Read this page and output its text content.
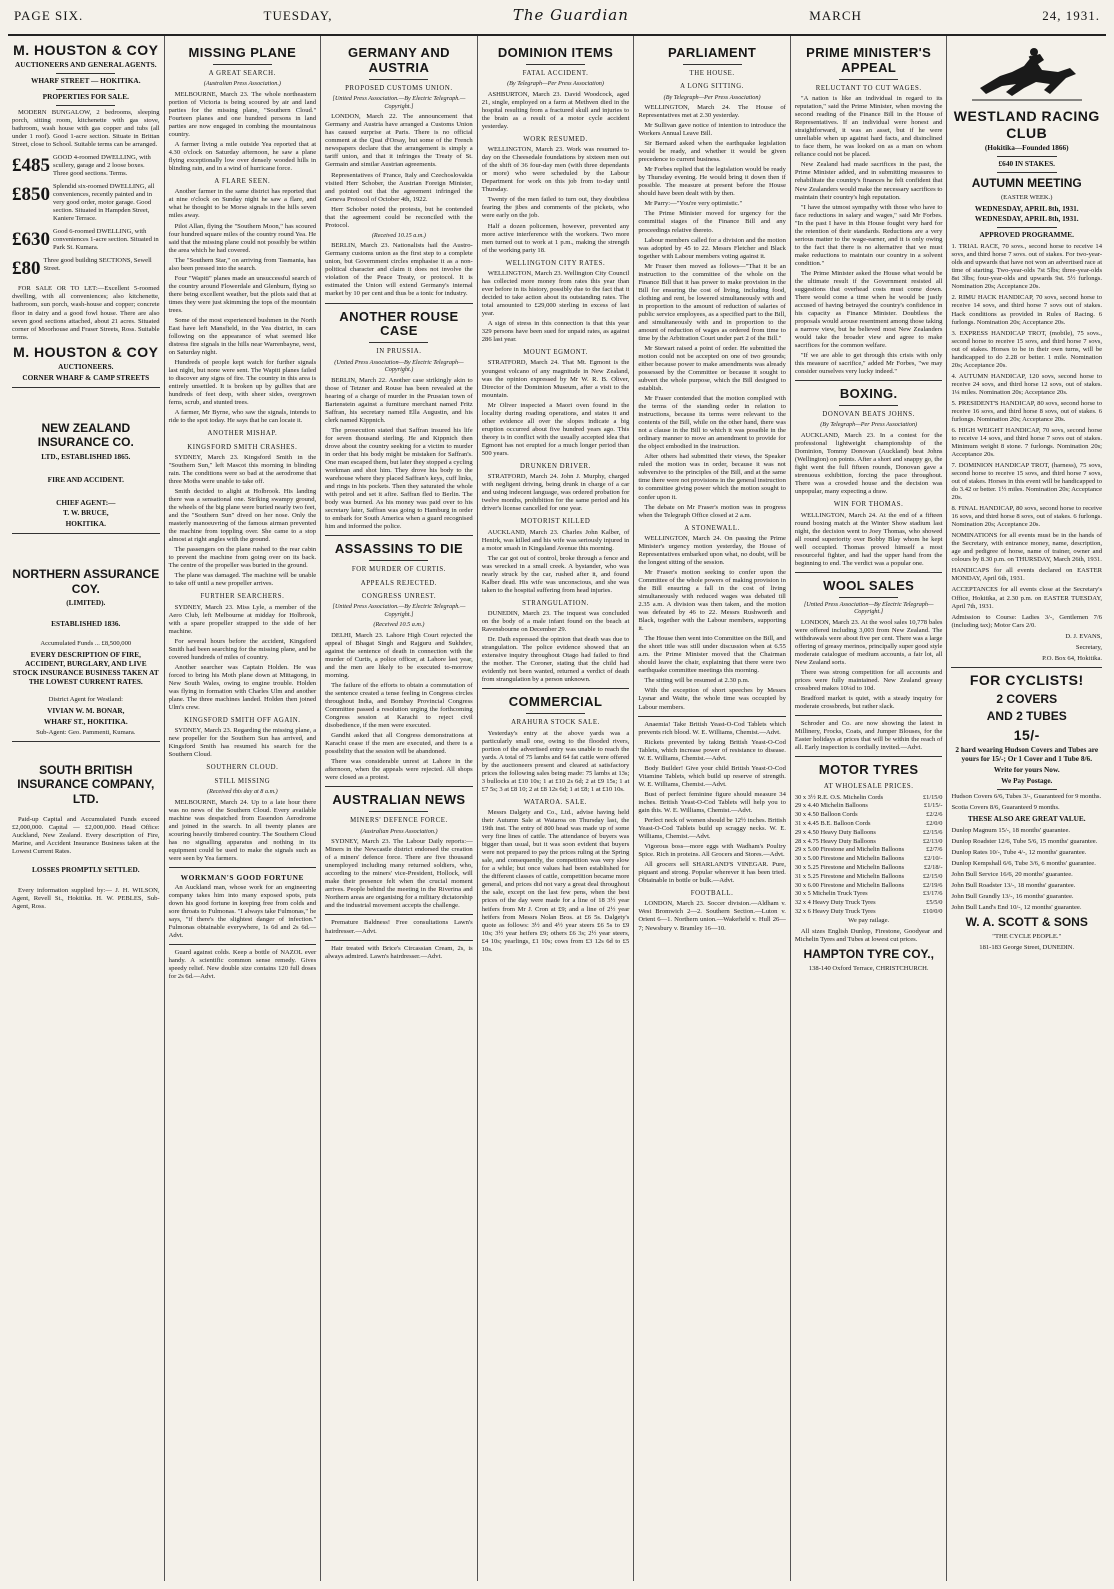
PAGE SIX.	TUESDAY,	The Guardian	MARCH	24, 1931.
M. HOUSTON & COY
AUCTIONEERS AND GENERAL AGENTS.
WHARF STREET — HOKITIKA.
PROPERTIES FOR SALE.

MODERN BUNGALOW, 2 bedrooms, sleeping porch, sitting room, kitchenette with gas stove, bathroom, wash house with gas copper and tubs (all under 1 roof). Good 1-acre section. Situate in Brittan Street, close to School. Suitable terms can be arranged.

£485 GOOD 4-roomed DWELLING, with scullery, garage and 2 loose boxes. Three good sections. Terms.
£850 Splendid six-roomed DWELLING, all conveniences, recently painted and in very good order, motor garage. Good section. Situated in Hampden Street, Kaniere Terrace.
£630 Good 6-roomed DWELLING, with conveniences 1-acre section. Situated in Park St. Kumara.
£80 Three good building SECTIONS, Sewell Street.

FOR SALE OR TO LET:—Excellent 5-roomed dwelling, with all conveniences; also kitchenette, bathroom, sun porch, wash-house and copper; concrete floor in dairy and a good fowl house. There are also seven good sections attached, about 21 acres. Situated corner of Moorhouse and Fraser Streets, Ross. Suitable terms.

M. HOUSTON & COY
AUCTIONEERS.
CORNER WHARF & CAMP STREETS
NEW ZEALAND INSURANCE CO.
LTD., ESTABLISHED 1865.
FIRE AND ACCIDENT.
CHIEF AGENT:—
T. W. BRUCE,
HOKITIKA.
NORTHERN ASSURANCE COY.
(LIMITED).
ESTABLISHED 1836.
Accumulated Funds ... £8,500,000
EVERY DESCRIPTION OF FIRE, ACCIDENT, BURGLARY, AND LIVE STOCK INSURANCE BUSINESS TAKEN AT THE LOWEST CURRENT RATES.
District Agent for Westland:
VIVIAN W. M. BONAR,
WHARF ST., HOKITIKA.
Sub-Agent: Geo. Pammenti, Kumara.
SOUTH BRITISH INSURANCE COMPANY, LTD.

Paid-up Capital and Accumulated Funds exceed £2,000,000. Capital — £2,000,000. Head Office: Auckland, New Zealand. Every description of Fire, Marine, and Accident Insurance Business taken at the Lowest Current Rates.

LOSSES PROMPTLY SETTLED.

Every information supplied by:— J. H. WILSON, Agent, Revell St., Hokitika. H. W. PEBLES, Sub-Agent, Ross.

MISSING PLANE
A GREAT SEARCH.
(Australian Press Association.)

MELBOURNE, March 23. The whole northeastern portion of Victoria is being scoured by air and land parties for the missing plane, "Southern Cloud." Fourteen planes and one hundred persons in land parties are now engaged in combing the mountainous country.

A farmer living a mile outside Yea reported that at 4.30 o'clock on Saturday afternoon, he saw a plane flying exceptionally low over densely wooded hills in blinding rain, and in a wind of hurricane force.

A FLARE SEEN.

Another farmer in the same district has reported that at nine o'clock on Sunday night he saw a flare, and what he thought to be Morse signals in the hills seven miles away.

Pilot Allan, flying the "Southern Moon," has scoured four hundred square miles of the country round Yea. He said that the missing plane could not possibly be within the area which he had covered.

The "Southern Star," on arriving from Tasmania, has also been pressed into the search.

Four "Wapiti" planes made an unsuccessful search of the country around Flowerdale and Glenburn, flying so there being excellent weather, but the pilots said that at times they were just skimming the tops of the mountain trees.

Some of the most experienced bushmen in the North East have left Mansfield, in the Yea district, in cars following on the appearance of what seemed like distress fire signals in the hills near Warrenbayne, west, on Saturday night.

Hundreds of people kept watch for further signals last night, but none were sent. The Wapiti planes failed to discover any signs of fire. The country in this area is entirely unsettled. It is broken up by gullies that are hundreds of feet deep, with sheer sides, overgrown ferns, scrub, and stunted trees.

A farmer, Mr Byrne, who saw the signals, intends to ride to the spot today. He says that he can locate it.

ANOTHER MISHAP.
KINGSFORD SMITH CRASHES.

SYDNEY, March 23. Kingsford Smith in the "Southern Sun," left Mascot this morning in blinding rain. The conditions were so bad at the aerodrome that three Moths were unable to take off.

Smith decided to alight at Holbrook. His landing there was a sensational one. Striking swampy ground, the wheels of the big plane were buried nearly two feet, and the "Southern Sun" dived on her nose. Only the masterly manoeuvring of the famous airman prevented the machine from toppling over. She came to a stop almost at right angles with the ground.

The passengers on the plane rushed to the rear cabin to prevent the machine from going over on its back. The centre of the propeller was buried in the ground.

The plane was damaged. The machine will be unable to take off until a new propeller arrives.

FURTHER SEARCHERS.

SYDNEY, March 23. Miss Lyle, a member of the Aero Club, left Melbourne at midday for Holbrook, with a spare propeller strapped to the side of her machine.

For several hours before the accident, Kingsford Smith had been searching for the missing plane, and he covered hundreds of miles of country.

Another searcher was Captain Holden. He was forced to bring his Moth plane down at Mittagong, in New South Wales, owing to engine trouble. Holden was flying in formation with Charles Ulm and another plane. The three machines landed. Holden then joined Ulm's crew.

KINGSFORD SMITH OFF AGAIN.

SYDNEY, March 23. Regarding the missing plane, a new propeller for the Southern Sun has arrived, and Kingsford Smith has resumed his search for the Southern Cloud.

SOUTHERN CLOUD.
STILL MISSING
(Received this day at 8 a.m.)

MELBOURNE, March 24. Up to a late hour there was no news of the Southern Cloud. Every available machine was despatched from Essendon Aerodrome and joined in the search. In all twenty planes are scouring heavily timbered country. The Southern Cloud has no signalling apparatus and nothing in its equipment could be used to make the signals such as were seen by Yea farmers.

WORKMAN'S GOOD FORTUNE

An Auckland man, whose work for an engineering company takes him into many exposed spots, puts down his good fortune in keeping free from colds and sore throats to Fulmonas. "I always take Fulmonas," he says, "if there's the slightest danger of infection." Fulmonas obtainable everywhere, 1s 6d and 2s 6d.—Advt.

Guard against colds. Keep a bottle of NAZOL ever handy. A scientific common sense remedy. Gives speedy relief. New double size contains 120 full doses for 2s 6d.—Advt.

GERMANY AND AUSTRIA
PROPOSED CUSTOMS UNION.
[United Press Association.—By Electric Telegraph.—Copyright.]

LONDON, March 22. The announcement that Germany and Austria have arranged a Customs Union has caused surprise at Paris. There is no official comment at the Quai d'Orsay, but some of the French newspapers declare that the arrangement is simply a tariff union, and that it infringes the Treaty of St. Germain and similar Austrian agreements.

Representatives of France, Italy and Czechoslovakia visited Herr Schober, the Austrian Foreign Minister, and pointed out that the agreement infringed the Geneva Protocol of October 4th, 1922.

Herr Schober noted the protests, but he contended that the agreement could be reconciled with the Protocol.

(Received 10.15 a.m.)

BERLIN, March 23. Nationalists hail the Austro-Germany customs union as the first step to a complete union, but Government circles emphasise it as a non-political character and claim it does not involve the violation of the Peace Treaty, or protocol. It is estimated the Union will extend Germany's internal market by 10 per cent and thus be a tonic for industry.

ANOTHER ROUSE CASE
IN PRUSSIA.
(United Press Association—By Electric Telegraph—Copyright.)

BERLIN, March 22. Another case strikingly akin to those of Tetzner and Rouse has been revealed at the hearing of a charge of murder in the Prussian town of Bartenstein against a furniture merchant named Fritz Saffran, his secretary named Ella Augustin, and his clerk named Kippnich.

The prosecution stated that Saffran insured his life for seven thousand sterling. He and Kippnich then drove about the country seeking for a victim to murder in order that his body might be mistaken for Saffran's. One man escaped them, but later they stopped a cycling workman and shot him. They drove his body to the warehouse where they placed Saffran's keys, cuff links, and rings in his pockets. Then they saturated the whole with petrol and set it afire. Saffran fled to Berlin. The body was burned. As his money was paid over to his secretary later, Saffran was going to Hamburg in order to embark for South America when a guard recognised him and informed the police.

ASSASSINS TO DIE
FOR MURDER OF CURTIS.
APPEALS REJECTED.
CONGRESS UNREST.
[United Press Association.—By Electric Telegraph.—Copyright.]
(Received 10.5 a.m.)

DELHI, March 23. Lahore High Court rejected the appeal of Bhagat Singh and Rajguru and Sukhdev, against the sentence of death in connection with the murder of Curtis, a police officer, at Lahore last year, and the men are likely to be executed to-morrow morning.

The failure of the efforts to obtain a commutation of the sentence created a tense feeling in Congress circles throughout India, and Bombay Provincial Congress Committee passed a resolution urging the forthcoming Congress session at Karachi to reject civil disobedience, if the men were executed.

Gandhi asked that all Congress demonstrations at Karachi cease if the men are executed, and there is a possibility that the session will be abandoned.

There was considerable unrest at Lahore in the afternoon, when the appeals were rejected. All shops were closed as a protest.

AUSTRALIAN NEWS
MINERS' DEFENCE FORCE.
(Australian Press Association.)

SYDNEY, March 23. The Labour Daily reports:—Miners in the Newcastle district endorsed the creation of a miners' defence force. There are five thousand unemployed including many returned soldiers, who, according to the miners' vice-President, Hollock, will make their presence felt when the crucial moment arrives. People behind the meeting in the Riverina and Northern areas are organising for a military dictatorship and the industrial movement accepts the challenge.

Premature Baldness! Free consultations Lawn's hairdresser.—Advt.

Hair treated with Brice's Circassian Cream, 2s, is always admired. Lawn's hairdresser.—Advt.

DOMINION ITEMS
FATAL ACCIDENT.
(By Telegraph—Per Press Association)

ASHBURTON, March 23. David Woodcock, aged 21, single, employed on a farm at Methven died in the hospital resulting from a fractured skull and injuries to the brain as a result of a motor cycle accident yesterday.

WORK RESUMED.

WELLINGTON, March 23. Work was resumed to-day on the Cheesedale foundations by sixteen men out of the shift of 36 four-day men (with three dependants or more) who were scheduled by the Labour Department for work on this job from to-day until Thursday.

Twenty of the men failed to turn out, they doubtless fearing the jibes and comments of the pickets, who were early on the job.

Half a dozen policemen, however, prevented any more active interference with the workers. Two more men turned out to work at 1 p.m., making the strength of the working party 18.

WELLINGTON CITY RATES.

WELLINGTON, March 23. Wellington City Council has collected more money from rates this year than ever before in its history, possibly due to the fact that it decided to take action about its outstanding rates. The total amounted to £29,000 sterling in excess of last year.

A sign of stress in this connection is that this year 329 persons have been sued for unpaid rates, as against 286 last year.

MOUNT EGMONT.

STRATFORD, March 24. That Mt. Egmont is the youngest volcano of any magnitude in New Zealand, was the opinion expressed by Mr W. R. B. Oliver, Director of the Dominion Museum, after a visit to the mountain.

Mr Oliver inspected a Maori oven found in the locality during roading operations, and states it and other evidence all over the slopes indicate a big eruption occurred about five hundred years ago. This theory is in conflict with the usually accepted idea that Egmont has not erupted for a much longer period than 500 years.

DRUNKEN DRIVER.

STRATFORD, March 24. John J. Murphy, charged with negligent driving, being drunk in charge of a car and using indecent language, was ordered probation for twelve months, prohibition for the same period and his driver's license cancelled for one year.

MOTORIST KILLED

AUCKLAND, March 23. Charles John Kalber, of Henirk, was killed and his wife was seriously injured in a motor smash in Kingsland Avenue this morning.

The car got out of control, broke through a fence and was wrecked in a small creek. A bystander, who was nearly struck by the car, rushed after it, and found Kalber dead. His wife was unconscious, and she was taken to the hospital suffering from head injuries.

STRANGULATION.

DUNEDIN, March 23. The inquest was concluded on the body of a male infant found on the beach at Ravensbourne on December 29.

Dr. Dath expressed the opinion that death was due to strangulation. The police evidence showed that an extensive inquiry throughout Otago had failed to find the mother. The Coroner, stating that the child had evidently not been wanted, returned a verdict of death from strangulation by a person unknown.

COMMERCIAL
ARAHURA STOCK SALE.

Yesterday's entry at the above yards was a particularly small one, owing to the flooded rivers, portion of the advertised entry was unable to reach the yards. A total of 75 lambs and 64 fat cattle were offered by the auctioneers present and cleared at satisfactory prices the following sales being made: 75 lambs at 13s; 3 bullocks at £10 10s; 1 at £10 2s 6d; 2 at £9 15s; 1 at £7 5s; 3 at £8 10; 2 at £8 12s 6d; 1 at £8; 1 at £10 10s.

WATAROA. SALE.

Messrs Dalgety and Co., Ltd., advise having held their Autumn Sale at Wataroa on Thursday last, the 19th inst. The entry of 800 head was made up of some very fine lines of cattle. The attendance of buyers was bigger than usual, but it was soon evident that buyers were not prepared to pay the prices ruling at the Spring sale, and consequently, the competition was very slow for a while; but once values had been established for the different classes of cattle, competition became more general, and prices did not vary a great deal throughout the sale, except on the last few pens, when the best prices of the day were made for a line of 18 3½ year heifers from Mr J. Cron at £9; and a line of 2½ year heifers from Messrs Nolan Bros. at £6 5s. Dalgety's quote as follows: 3½ and 4½ year steers £6 5s to £9 10s; 3½ year heifers £9; others £6 3s; 2½ year steers, £4 10s; yearlings, £1 10s; cows from £3 12s 6d to £5 10s.

PARLIAMENT
THE HOUSE.
A LONG SITTING.
(By Telegraph—Per Press Association)

WELLINGTON, March 24. The House of Representatives met at 2.30 yesterday.

Mr Sullivan gave notice of intention to introduce the Workers Annual Leave Bill.

Sir Bernard asked when the earthquake legislation would be ready, and whether it would be given precedence to current business.

Mr Forbes replied that the legislation would be ready by Thursday evening. He would bring it down then if possible. The measure at present before the House should have been dealt with by then.

Mr Parry:—"You're very optimistic."

The Prime Minister moved for urgency for the committal stages of the Finance Bill and any proceedings relative thereto.

Labour members called for a division and the motion was adopted by 45 to 22. Messrs Fletcher and Black together with Labour members voting against it.

Mr Fraser then moved as follows—"That it be an instruction to the committee of the whole on the Finance Bill that it has power to make provision in the Bill for ensuring the cost of living, including food, clothing and rent, be lowered simultaneously with and in proportion to the amount of reduction of salaries of public service employees, as a specified part to the Bill, and simultaneously with and in proportion to the amount of reduction of wages as ordered from time to time by the Arbitration Court under part 2 of the Bill."

Mr Stewart raised a point of order. He submitted the motion could not be accepted on one of two grounds; either because power to make amendments was already possessed by the Committee or because it sought to subvert the whole purpose, which the Bill designed to establish.

Mr Fraser contended that the motion complied with the terms of the standing order in relation to instructions, because its terms were relevant to the contents of the Bill, while on the other hand, there was not a clause in the Bill to which it was possible in the ordinary manner to move an amendment to provide for the object embodied in the instruction.

After others had submitted their views, the Speaker ruled the motion was in order, because it was not subversive to the principles of the Bill, and at the same time there were not provisions in the general instruction to committee giving power which the motion sought to confer upon it.

The debate on Mr Fraser's motion was in progress when the Telegraph Office closed at 2 a.m.

A STONEWALL.

WELLINGTON, March 24. On passing the Prime Minister's urgency motion yesterday, the House of Representatives embarked upon what, no doubt, will be the longest sitting of the session.

Mr Fraser's motion seeking to confer upon the Committee of the whole powers of making provision in the Bill ensuring a fall in the cost of living simultaneously with reduced wages was debated till 2.35 a.m. A division was then taken, and the motion was defeated by 46 to 22. Messrs Rushworth and Black, together with the Labour members, supporting it.

The House then went into Committee on the Bill, and the short title was still under discussion when at 6.55 a.m. the Prime Minister moved that the Chairman should leave the chair, explaining that there were two earthquake committee meetings this morning.

The sitting will be resumed at 2.30 p.m.

With the exception of short speeches by Messrs Lysnar and Waite, the whole time was occupied by Labour members.

Anaemia! Take British Yeast-O-Cod Tablets which prevents rich blood. W. E. Williams, Chemist.—Advt.

Rickets prevented by taking British Yeast-O-Cod Tablets, which increase power of resistance to disease. W. E. Williams, Chemist.—Advt.

Body Builder! Give your child British Yeast-O-Cod Vitamine Tablets, which build up reserve of strength. W. E. Williams, Chemist.—Advt.

Bust of perfect feminine figure should measure 34 inches. British Yeast-O-Cod Tablets will help you to gain this. W. E. Williams, Chemist.—Advt.

Perfect neck of women should be 12½ inches. British Yeast-O-Cod Tablets build up scraggy necks. W. E. Williams, Chemist.—Advt.

Vigorous boss—more eggs with Wadham's Poultry Spice. Rich in proteins. All Grocers and Stores.—Advt.

All grocers sell SHARLAND'S VINEGAR. Pure, piquant and strong. Popular wherever it has been tried. Obtainable in bottle or bulk.—Advt.

FOOTBALL.

LONDON, March 23. Soccer division.—Aldham v. West Bromwich 2—2. Southern Section.—Luton v. Orient 6—1. Northern union.—Wakefield v. Hull 26—7; Newsbury v. Bramley 16—10.

PRIME MINISTER'S APPEAL
RELUCTANT TO CUT WAGES.

"A nation is like an individual in regard to its reputation," said the Prime Minister, when moving the second reading of the Finance Bill in the House of Representatives. If an individual were honest and straightforward, it was an asset, but if he were unreliable when up against hard facts, and disinclined to face them, he was looked on as a man on whom reliance could not be placed.

New Zealand had made sacrifices in the past, the Prime Minister added, and in submitting measures to rehabilitate the country's finances he felt confident that New Zealanders would make the necessary sacrifices to maintain their country's high reputation.

"I have the utmost sympathy with those who have to face reductions in salary and wages," said Mr Forbes. "In the past I have in this House fought very hard for the retention of their standards. Reductions are a very serious matter to the wage-earner, and it is only owing to the fact that there is no alternative that we must make reductions to maintain our country in a solvent condition."

The Prime Minister asked the House what would be the ultimate result if the Government resisted all suggestions that overhead costs must come down. There would come a time when he would be justly accused of having betrayed the country's confidence in his capacity as Finance Minister. Doubtless the proposals would arouse resentment among those taking a narrow view, but he believed most New Zealanders would take the broader view and agree to make sacrifices for the common welfare.

"If we are able to get through this crisis with only this measure of sacrifice," added Mr Forbes, "we may consider ourselves very lucky indeed."

BOXING.
DONOVAN BEATS JOHNS.
(By Telegraph—Per Press Association)

AUCKLAND, March 23. In a contest for the professional lightweight championship of the Dominion, Tommy Donovan (Auckland) beat Johns (Wellington) on points. After a short and snappy go, the fight went the full fifteen rounds, Donovan gave a strenuous exhibition, forcing the pace throughout. There was a crowded house and the decision was unpopular, many expecting a draw.

WIN FOR THOMAS.

WELLINGTON, March 24. At the end of a fifteen round boxing match at the Winter Show stadium last night, the decision went to Joey Thomas, who showed all round superiority over Bobby Blay whom he kept well occupied. Thomas proved himself a most resourceful fighter, and had the upper hand from the beginning to end. The verdict was a popular one.

WOOL SALES
[United Press Association—By Electric Telegraph—Copyright.]

LONDON, March 23. At the wool sales 10,778 bales were offered including 3,003 from New Zealand. The withdrawals were about five per cent. There was a large offering of greasy merinos, principally super good style moderate catalogue of medium accounts, a fair lot, all New Zealand sorts.

There was strong competition for all accounts and prices were fully maintained. New Zealand greasy crossbred makes 10¼d to 10d.

Bradford market is quiet, with a steady inquiry for moderate crossbreds, but rather slack.

Schroder and Co. are now showing the latest in Millinery, Frocks, Coats, and Jumper Blouses, for the Easter holidays at prices that will be within the reach of all. Early inspection is cordially invited.—Advt.

MOTOR TYRES
AT WHOLESALE PRICES.
30 x 3½ R.E. O.S. Michelin Cords	£1/15/0
29 x 4.40 Michelin Balloons	£1/15/-
30 x 4.50 Balloon Cords	£2/2/6
31 x 4.45 B.E. Balloon Cords	£2/0/0
29 x 4.50 Heavy Duty Balloons	£2/15/6
28 x 4.75 Heavy Duty Balloons	£2/13/0
29 x 5.00 Firestone and Michelin Balloons	£2/7/6
30 x 5.00 Firestone and Michelin Balloons	£2/10/-
30 x 5.25 Firestone and Michelin Balloons	£2/18/-
31 x 5.25 Firestone and Michelin Balloons	£2/15/0
30 x 6.00 Firestone and Michelin Balloons	£2/19/6
30 x 5 Michelin Truck Tyres	£3/17/6
32 x 4 Heavy Duty Truck Tyres	£5/5/0
32 x 6 Heavy Duty Truck Tyres	£10/0/0
We pay railage.

All sizes English Dunlop, Firestone, Goodyear and Michelin Tyres and Tubes at lowest cut prices.

HAMPTON TYRE COY.,
138-140 Oxford Terrace, CHRISTCHURCH.
WESTLAND RACING CLUB
(Hokitika—Founded 1866)
£640 IN STAKES.
AUTUMN MEETING
(EASTER WEEK.)
WEDNESDAY, APRIL 8th, 1931.
WEDNESDAY, APRIL 8th, 1931.
APPROVED PROGRAMME.
1. TRIAL RACE, 70 sovs., second horse to receive 14 sovs, and third horse 7 sovs. out of stakes. For two-year-olds and upwards that have not won an advertised race at time of starting. Two-year-olds 7st 5lbs; three-year-olds 8st 3lbs; four-year-olds and upwards 9st. 5½ furlongs. Nomination 20s; Acceptance 20s.
2. RIMU HACK HANDICAP, 70 sovs, second horse to receive 14 sovs, and third horse 7 sovs out of stakes. Hack conditions as provided in Rules of Racing. 6 furlongs. Nomination 20s; Acceptance 20s.
3. EXPRESS HANDICAP TROT, (mobile), 75 sovs., second horse to receive 15 sovs, and third horse 7 sovs, out of stakes. Horses to be in their own turns, will be handicapped to do 2.28 or better. 1 mile. Nomination 20s; Acceptance 20s.
4. AUTUMN HANDICAP, 120 sovs, second horse to receive 24 sovs, and third horse 12 sovs, out of stakes. 1¼ miles. Nomination 20s; Acceptance 20s.
5. PRESIDENT'S HANDICAP, 80 sovs, second horse to receive 16 sovs, and third horse 8 sovs, out of stakes. 6 furlongs. Nomination 20s; Acceptance 20s.
6. HIGH WEIGHT HANDICAP, 70 sovs, second horse to receive 14 sovs, and third horse 7 sovs out of stakes. Minimum weight 8 stone. 7 furlongs. Nomination 20s; Acceptance 20s.
7. DOMINION HANDICAP TROT, (harness), 75 sovs, second horse to receive 15 sovs, and third horse 7 sovs, out of stakes. Horses in this event will be handicapped to do 3.42 or better. 1½ miles. Nomination 20s; Acceptance 20s.
8. FINAL HANDICAP, 80 sovs, second horse to receive 16 sovs, and third horse 8 sovs, out of stakes. 6 furlongs. Nomination 20s; Acceptance 20s.
NOMINATIONS for all events must be in the hands of the Secretary, with entrance money, name, description, age and pedigree of horse, name of trainer, owner and colours by 8.30 p.m. on THURSDAY, March 26th, 1931.
HANDICAPS for all events declared on EASTER MONDAY, April 6th, 1931.
ACCEPTANCES for all events close at the Secretary's Office, Hokitika, at 2.30 p.m. on EASTER TUESDAY, April 7th, 1931.
Admission to Course: Ladies 3/-, Gentlemen 7/6 (including tax); Motor Cars 2/0.
D. J. EVANS,
Secretary,
P.O. Box 64, Hokitika.
FOR CYCLISTS!
2 COVERS
AND 2 TUBES
15/-
2 hard wearing Hudson Covers and Tubes are yours for 15/-; Or 1 Cover and 1 Tube 8/6.
Write for yours Now.
We Pay Postage.
Hudson Covers 6/6, Tubes 3/-, Guaranteed for 9 months.
Scotia Covers 8/6, Guaranteed 9 months.
THESE ALSO ARE GREAT VALUE.
Dunlop Magnum 15/-, 18 months' guarantee.
Dunlop Roadster 12/6, Tube 5/6, 15 months' guarantee.
Dunlop Rates 10/-, Tube 4/-, 12 months' guarantee.
Dunlop Kempshall 6/6, Tube 3/6, 6 months' guarantee.
John Bull Service 16/6, 20 months' guarantee.
John Bull Roadster 13/-, 18 months' guarantee.
John Bull Grandly 13/-, 16 months' guarantee.
John Bull Land's End 10/-, 12 months' guarantee.
W. A. SCOTT & SONS
"THE CYCLE PEOPLE."
181-183 George Street, DUNEDIN.
